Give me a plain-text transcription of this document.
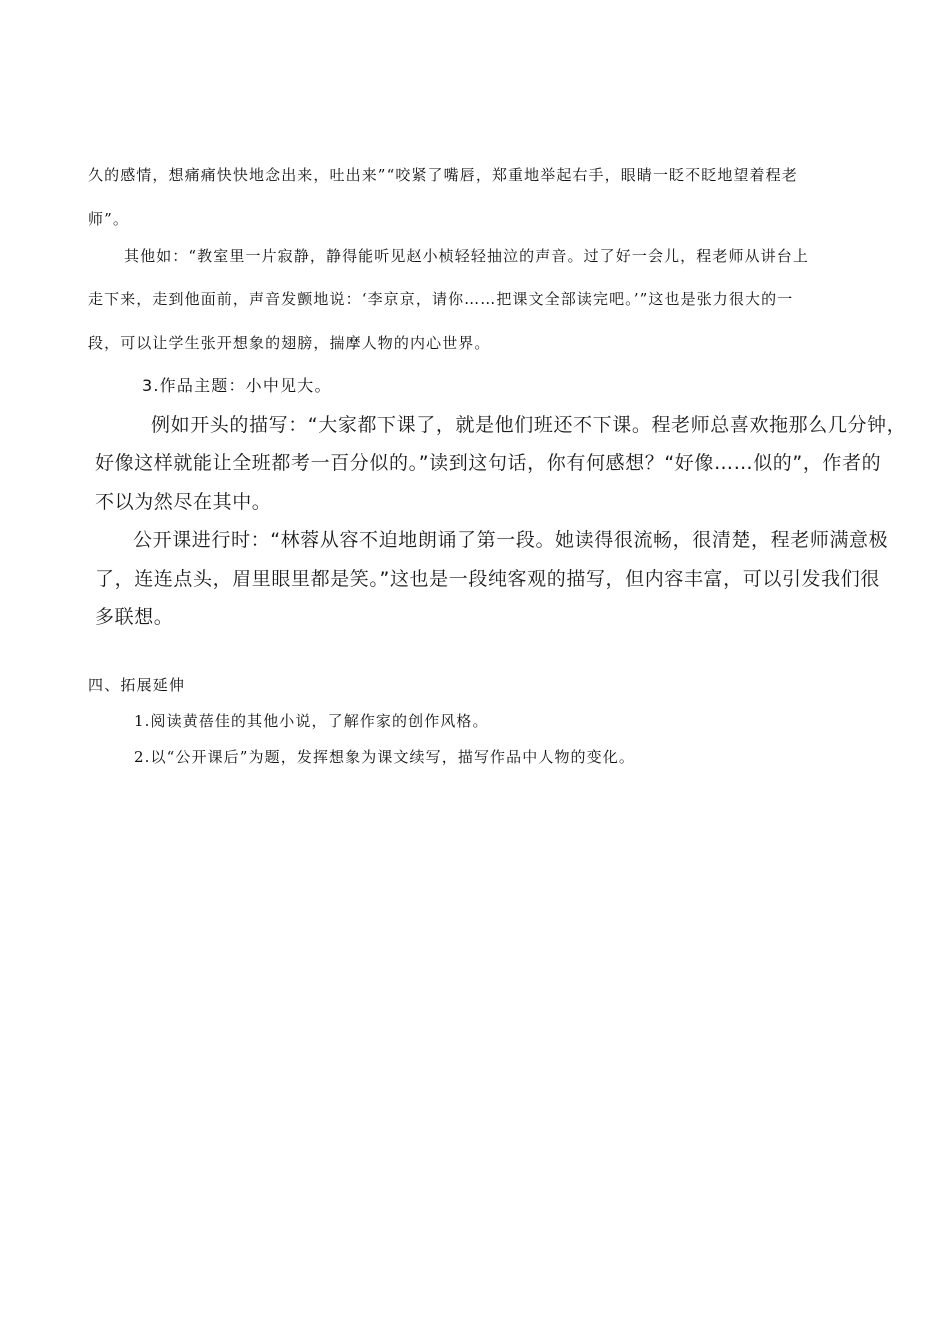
久的感情，想痛痛快快地念出来，吐出来”“咬紧了嘴唇，郑重地举起右手，眼睛一眨不眨地望着程老

师”。

其他如：“教室里一片寂静，静得能听见赵小桢轻轻抽泣的声音。过了好一会儿，程老师从讲台上

走下来，走到他面前，声音发颤地说：‘李京京，请你……把课文全部读完吧。’”这也是张力很大的一

段，可以让学生张开想象的翅膀，揣摩人物的内心世界。

3.作品主题：小中见大。

例如开头的描写：“大家都下课了，就是他们班还不下课。程老师总喜欢拖那么几分钟，

好像这样就能让全班都考一百分似的。”读到这句话，你有何感想？“好像……似的”，作者的

不以为然尽在其中。

公开课进行时：“林蓉从容不迫地朗诵了第一段。她读得很流畅，很清楚，程老师满意极

了，连连点头，眉里眼里都是笑。”这也是一段纯客观的描写，但内容丰富，可以引发我们很

多联想。

四、拓展延伸

1.阅读黄蓓佳的其他小说，了解作家的创作风格。

2.以“公开课后”为题，发挥想象为课文续写，描写作品中人物的变化。
